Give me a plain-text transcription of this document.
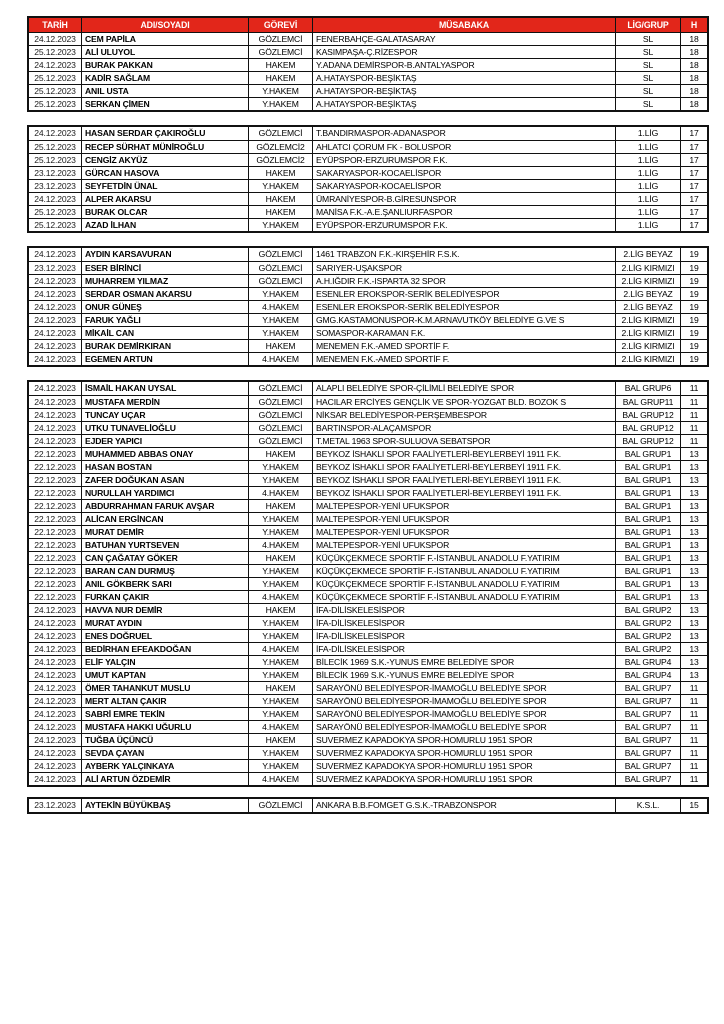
TARİH	ADI/SOYADI	GÖREVİ	MÜSABAKA	LİG/GRUP	H
24.12.2023	CEM PAPİLA	GÖZLEMCİ	FENERBAHÇE-GALATASARAY	SL	18
25.12.2023	ALİ ULUYOL	GÖZLEMCİ	KASIMPAŞA-Ç.RİZESPOR	SL	18
24.12.2023	BURAK PAKKAN	HAKEM	Y.ADANA DEMİRSPOR-B.ANTALYASPOR	SL	18
25.12.2023	KADİR SAĞLAM	HAKEM	A.HATAYSPOR-BEŞİKTAŞ	SL	18
25.12.2023	ANIL USTA	Y.HAKEM	A.HATAYSPOR-BEŞİKTAŞ	SL	18
25.12.2023	SERKAN ÇİMEN	Y.HAKEM	A.HATAYSPOR-BEŞİKTAŞ	SL	18
24.12.2023	HASAN SERDAR ÇAKIROĞLU	GÖZLEMCİ	T.BANDIRMASPOR-ADANASPOR	1.LİG	17
25.12.2023	RECEP SÜRHAT MÜNİROĞLU	GÖZLEMCİ2	AHLATCI ÇORUM FK - BOLUSPOR	1.LİG	17
25.12.2023	CENGİZ AKYÜZ	GÖZLEMCİ2	EYÜPSPOR-ERZURUMSPOR F.K.	1.LİG	17
23.12.2023	GÜRCAN HASOVA	HAKEM	SAKARYASPOR-KOCAELİSPOR	1.LİG	17
23.12.2023	SEYFETDİN ÜNAL	Y.HAKEM	SAKARYASPOR-KOCAELİSPOR	1.LİG	17
24.12.2023	ALPER AKARSU	HAKEM	ÜMRANİYESPOR-B.GİRESUNSPOR	1.LİG	17
25.12.2023	BURAK OLCAR	HAKEM	MANİSA F.K.-A.E.ŞANLIURFASPOR	1.LİG	17
25.12.2023	AZAD İLHAN	Y.HAKEM	EYÜPSPOR-ERZURUMSPOR F.K.	1.LİG	17
24.12.2023	AYDIN KARSAVURAN	GÖZLEMCİ	1461 TRABZON F.K.-KIRŞEHİR F.S.K.	2.LİG BEYAZ	19
23.12.2023	ESER BİRİNCİ	GÖZLEMCİ	SARIYER-UŞAKSPOR	2.LİG KIRMIZI	19
24.12.2023	MUHARREM YILMAZ	GÖZLEMCİ	A.H.IĞDIR F.K.-ISPARTA 32 SPOR	2.LİG KIRMIZI	19
24.12.2023	SERDAR OSMAN AKARSU	Y.HAKEM	ESENLER EROKSPOR-SERİK BELEDİYESPOR	2.LİG BEYAZ	19
24.12.2023	ONUR GÜNEŞ	4.HAKEM	ESENLER EROKSPOR-SERİK BELEDİYESPOR	2.LİG BEYAZ	19
24.12.2023	FARUK YAĞLI	Y.HAKEM	GMG.KASTAMONUSPOR-K.M.ARNAVUTKÖY BELEDİYE G.VE S	2.LİG KIRMIZI	19
24.12.2023	MİKAİL CAN	Y.HAKEM	SOMASPOR-KARAMAN F.K.	2.LİG KIRMIZI	19
24.12.2023	BURAK DEMİRKIRAN	HAKEM	MENEMEN F.K.-AMED SPORTİF F.	2.LİG KIRMIZI	19
24.12.2023	EGEMEN ARTUN	4.HAKEM	MENEMEN F.K.-AMED SPORTİF F.	2.LİG KIRMIZI	19
24.12.2023	İSMAİL HAKAN UYSAL	GÖZLEMCİ	ALAPLI BELEDİYE SPOR-ÇİLİMLİ BELEDİYE SPOR	BAL GRUP6	11
24.12.2023	MUSTAFA MERDİN	GÖZLEMCİ	HACILAR ERCİYES GENÇLİK VE SPOR-YOZGAT BLD. BOZOK S	BAL GRUP11	11
24.12.2023	TUNCAY UÇAR	GÖZLEMCİ	NİKSAR BELEDİYESPOR-PERŞEMBESPOR	BAL GRUP12	11
24.12.2023	UTKU TUNAVELİOĞLU	GÖZLEMCİ	BARTINSPOR-ALAÇAMSPOR	BAL GRUP12	11
24.12.2023	EJDER YAPICI	GÖZLEMCİ	T.METAL 1963 SPOR-SULUOVA SEBATSPOR	BAL GRUP12	11
22.12.2023	MUHAMMED ABBAS ONAY	HAKEM	BEYKOZ İSHAKLI SPOR FAALİYETLERİ-BEYLERBEYİ 1911 F.K.	BAL GRUP1	13
22.12.2023	HASAN BOSTAN	Y.HAKEM	BEYKOZ İSHAKLI SPOR FAALİYETLERİ-BEYLERBEYİ 1911 F.K.	BAL GRUP1	13
22.12.2023	ZAFER DOĞUKAN ASAN	Y.HAKEM	BEYKOZ İSHAKLI SPOR FAALİYETLERİ-BEYLERBEYİ 1911 F.K.	BAL GRUP1	13
22.12.2023	NURULLAH YARDIMCI	4.HAKEM	BEYKOZ İSHAKLI SPOR FAALİYETLERİ-BEYLERBEYİ 1911 F.K.	BAL GRUP1	13
22.12.2023	ABDURRAHMAN FARUK AVŞAR	HAKEM	MALTEPESPOR-YENİ UFUKSPOR	BAL GRUP1	13
22.12.2023	ALİCAN ERGİNCAN	Y.HAKEM	MALTEPESPOR-YENİ UFUKSPOR	BAL GRUP1	13
22.12.2023	MURAT DEMİR	Y.HAKEM	MALTEPESPOR-YENİ UFUKSPOR	BAL GRUP1	13
22.12.2023	BATUHAN YURTSEVEN	4.HAKEM	MALTEPESPOR-YENİ UFUKSPOR	BAL GRUP1	13
22.12.2023	CAN ÇAĞATAY GÖKER	HAKEM	KÜÇÜKÇEKMECE SPORTİF F.-İSTANBUL ANADOLU F.YATIRIM	BAL GRUP1	13
22.12.2023	BARAN CAN DURMUŞ	Y.HAKEM	KÜÇÜKÇEKMECE SPORTİF F.-İSTANBUL ANADOLU F.YATIRIM	BAL GRUP1	13
22.12.2023	ANIL GÖKBERK SARI	Y.HAKEM	KÜÇÜKÇEKMECE SPORTİF F.-İSTANBUL ANADOLU F.YATIRIM	BAL GRUP1	13
22.12.2023	FURKAN ÇAKIR	4.HAKEM	KÜÇÜKÇEKMECE SPORTİF F.-İSTANBUL ANADOLU F.YATIRIM	BAL GRUP1	13
24.12.2023	HAVVA NUR DEMİR	HAKEM	İFA-DİLİSKELESİSPOR	BAL GRUP2	13
24.12.2023	MURAT AYDIN	Y.HAKEM	İFA-DİLİSKELESİSPOR	BAL GRUP2	13
24.12.2023	ENES DOĞRUEL	Y.HAKEM	İFA-DİLİSKELESİSPOR	BAL GRUP2	13
24.12.2023	BEDİRHAN EFEAKDOĞAN	4.HAKEM	İFA-DİLİSKELESİSPOR	BAL GRUP2	13
24.12.2023	ELİF YALÇIN	Y.HAKEM	BİLECİK 1969 S.K.-YUNUS EMRE BELEDİYE SPOR	BAL GRUP4	13
24.12.2023	UMUT KAPTAN	Y.HAKEM	BİLECİK 1969 S.K.-YUNUS EMRE BELEDİYE SPOR	BAL GRUP4	13
24.12.2023	ÖMER TAHANKUT MUSLU	HAKEM	SARAYÖNÜ BELEDİYESPOR-İMAMOĞLU BELEDİYE SPOR	BAL GRUP7	11
24.12.2023	MERT ALTAN ÇAKIR	Y.HAKEM	SARAYÖNÜ BELEDİYESPOR-İMAMOĞLU BELEDİYE SPOR	BAL GRUP7	11
24.12.2023	SABRİ EMRE TEKİN	Y.HAKEM	SARAYÖNÜ BELEDİYESPOR-İMAMOĞLU BELEDİYE SPOR	BAL GRUP7	11
24.12.2023	MUSTAFA HAKKI UĞURLU	4.HAKEM	SARAYÖNÜ BELEDİYESPOR-İMAMOĞLU BELEDİYE SPOR	BAL GRUP7	11
24.12.2023	TUĞBA ÜÇÜNCÜ	HAKEM	SUVERMEZ KAPADOKYA SPOR-HOMURLU 1951 SPOR	BAL GRUP7	11
24.12.2023	SEVDA ÇAYAN	Y.HAKEM	SUVERMEZ KAPADOKYA SPOR-HOMURLU 1951 SPOR	BAL GRUP7	11
24.12.2023	AYBERK YALÇINKAYA	Y.HAKEM	SUVERMEZ KAPADOKYA SPOR-HOMURLU 1951 SPOR	BAL GRUP7	11
24.12.2023	ALİ ARTUN ÖZDEMİR	4.HAKEM	SUVERMEZ KAPADOKYA SPOR-HOMURLU 1951 SPOR	BAL GRUP7	11
23.12.2023	AYTEKİN BÜYÜKBAŞ	GÖZLEMCİ	ANKARA B.B.FOMGET G.S.K.-TRABZONSPOR	K.S.L.	15
